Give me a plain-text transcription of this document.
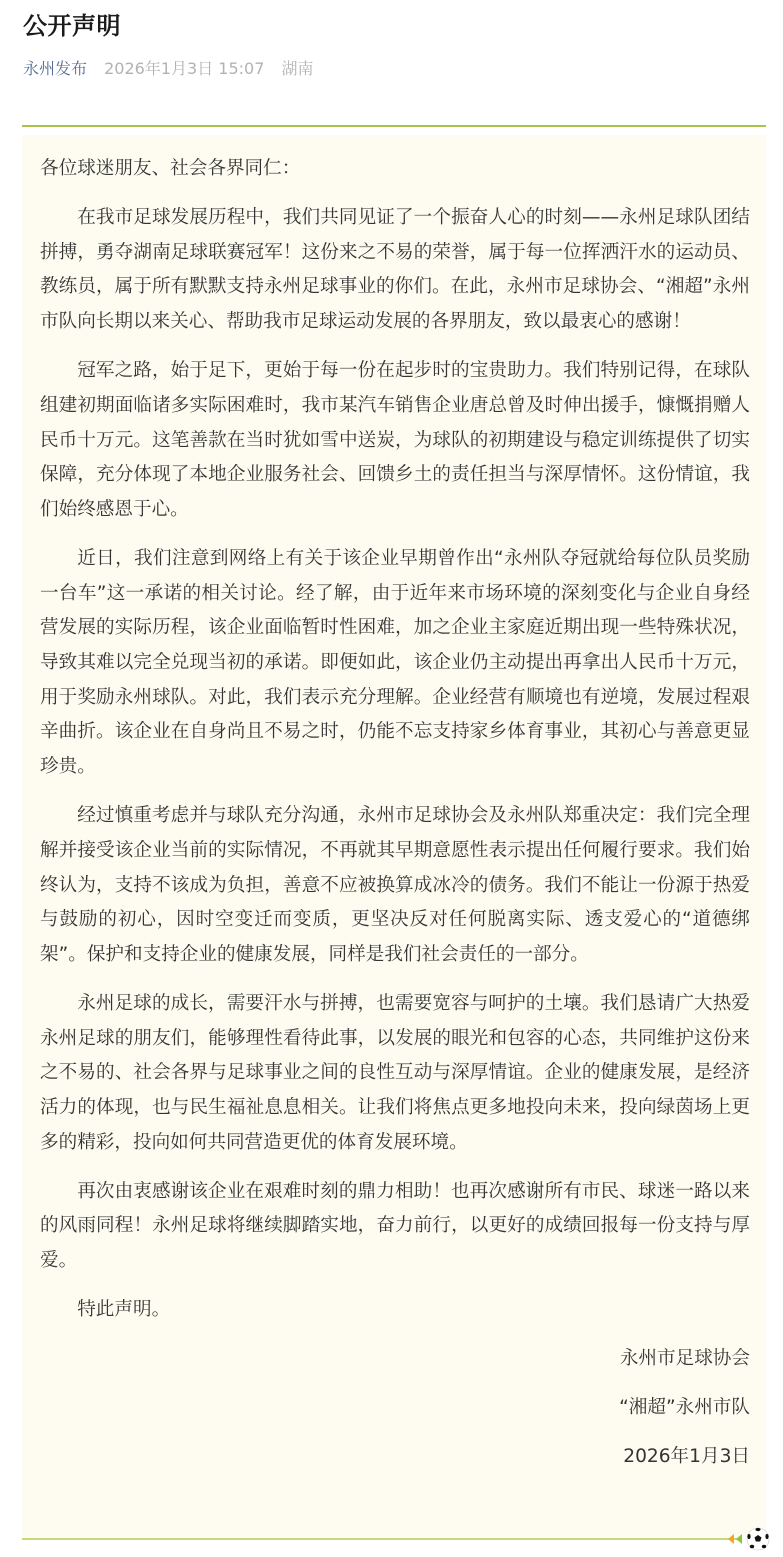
公开声明
永州发布 2026年1月3日 15:07 湖南

各位球迷朋友、社会各界同仁：

在我市足球发展历程中，我们共同见证了一个振奋人心的时刻——永州足球队团结拼搏，勇夺湖南足球联赛冠军！这份来之不易的荣誉，属于每一位挥洒汗水的运动员、教练员，属于所有默默支持永州足球事业的你们。在此，永州市足球协会、“湘超”永州市队向长期以来关心、帮助我市足球运动发展的各界朋友，致以最衷心的感谢！

冠军之路，始于足下，更始于每一份在起步时的宝贵助力。我们特别记得，在球队组建初期面临诸多实际困难时，我市某汽车销售企业唐总曾及时伸出援手，慷慨捐赠人民币十万元。这笔善款在当时犹如雪中送炭，为球队的初期建设与稳定训练提供了切实保障，充分体现了本地企业服务社会、回馈乡土的责任担当与深厚情怀。这份情谊，我们始终感恩于心。

近日，我们注意到网络上有关于该企业早期曾作出“永州队夺冠就给每位队员奖励一台车”这一承诺的相关讨论。经了解，由于近年来市场环境的深刻变化与企业自身经营发展的实际历程，该企业面临暂时性困难，加之企业主家庭近期出现一些特殊状况，导致其难以完全兑现当初的承诺。即便如此，该企业仍主动提出再拿出人民币十万元，用于奖励永州球队。对此，我们表示充分理解。企业经营有顺境也有逆境，发展过程艰辛曲折。该企业在自身尚且不易之时，仍能不忘支持家乡体育事业，其初心与善意更显珍贵。

经过慎重考虑并与球队充分沟通，永州市足球协会及永州队郑重决定：我们完全理解并接受该企业当前的实际情况，不再就其早期意愿性表示提出任何履行要求。我们始终认为，支持不该成为负担，善意不应被换算成冰冷的债务。我们不能让一份源于热爱与鼓励的初心，因时空变迁而变质，更坚决反对任何脱离实际、透支爱心的“道德绑架”。保护和支持企业的健康发展，同样是我们社会责任的一部分。

永州足球的成长，需要汗水与拼搏，也需要宽容与呵护的土壤。我们恳请广大热爱永州足球的朋友们，能够理性看待此事，以发展的眼光和包容的心态，共同维护这份来之不易的、社会各界与足球事业之间的良性互动与深厚情谊。企业的健康发展，是经济活力的体现，也与民生福祉息息相关。让我们将焦点更多地投向未来，投向绿茵场上更多的精彩，投向如何共同营造更优的体育发展环境。

再次由衷感谢该企业在艰难时刻的鼎力相助！也再次感谢所有市民、球迷一路以来的风雨同程！永州足球将继续脚踏实地，奋力前行，以更好的成绩回报每一份支持与厚爱。

特此声明。

永州市足球协会

“湘超”永州市队

2026年1月3日
